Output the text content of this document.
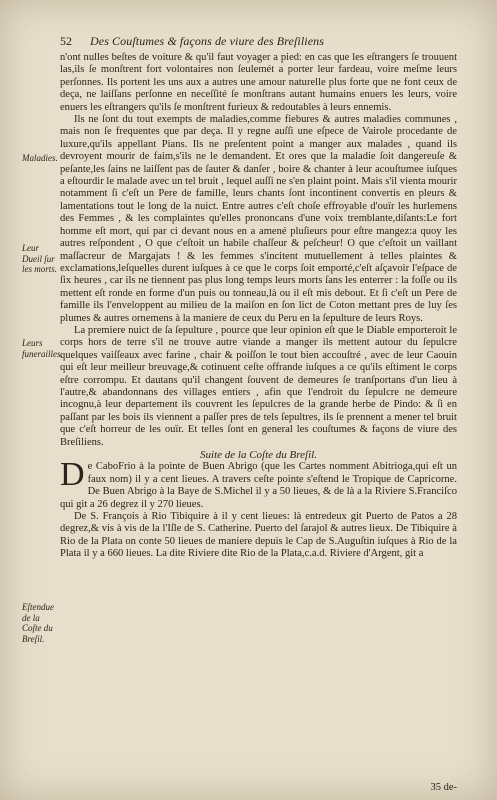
52 Des Couſtumes & façons de viure des Breſiliens
Maladies.
Leur Dueil ſur les morts.
Leurs funerailles.
Eſtendue de la Coſte du Breſil.

n'ont nulles beſtes de voiture & qu'il faut voyager a pied: en cas que les eſtrangers ſe trouuent las,ils ſe monſtrent fort volontaires non ſeulemét a porter leur fardeau, voire meſme leurs perſonnes. Ils portent les uns aux a autres une amour naturelle plus forte que ne font ceux de deça, ne laiſſans perſonne en neceſſité ſe monſtrans autant humains enuers les leurs, voire enuers les eſtrangers qu'ils ſe monſtrent furieux & redoutables à leurs ennemis.

Ils ne ſont du tout exempts de maladies,comme fiebures & autres maladies communes , mais non ſe frequentes que par deça. Il y regne auſſi une eſpece de Vairole procedante de luxure,qu'ils appellant Pians. Ils ne preſentent point a manger aux malades , quand ils devroyent mourir de faim,s'ils ne le demandent. Et ores que la maladie ſoit dangereuſe & peſante,les ſains ne laiſſent pas de ſauter & danſer , boire & chanter à leur acouſtumee iuſques a eſtourdir le malade avec un tel bruit , lequel auſſi ne s'en plaint point. Mais s'il vienta mourir notamment ſi c'eſt un Pere de famille, leurs chants ſont incontinent convertis en pleurs & lamentations tout le long de la nuict. Entre autres c'eſt choſe effroyable d'ouïr les hurlemens des Femmes , & les complaintes qu'elles prononcans d'une voix tremblante,diſants:Le fort homme eſt mort, qui par ci devant nous en a amené pluſieurs pour eſtre mangez:a quoy les autres reſpondent , O que c'eſtoit un habile chaſſeur & peſcheur! O que c'eſtoit un vaillant maſſacreur de Margajats ! & les femmes s'incitent mutuellement à telles plaintes & exclamations,leſquelles durent iuſques à ce que le corps ſoit emporté,c'eſt aſçavoir l'eſpace de ſix heures , car ils ne tiennent pas plus long temps leurs morts ſans les enterrer : la foſſe ou ils mettent eſt ronde en forme d'un puis ou tonneau,là ou il eſt mis debout. Et ſi c'eſt un Pere de famille ils l'enveloppent au milieu de la maiſon en ſon lict de Coton mettant pres de luy ſes plumes & autres ornemens à la maniere de ceux du Peru en la ſepulture de leurs Roys.

La premiere nuict de ſa ſepulture , pource que leur opinion eſt que le Diable emporteroit le corps hors de terre s'il ne trouve autre viande a manger ils mettent autour du ſepulcre quelques vaiſſeaux avec farine , chair & poiſſon le tout bien accouſtré , avec de leur Caouin qui eſt leur meilleur breuvage,& cotinuent ceſte offrande iuſques a ce qu'ils eſtiment le corps eſtre corrompu. Et dautans qu'il changent ſouvent de demeures ſe tranſportans d'un lieu à l'autre,& abandonnans des villages entiers , afin que l'endroit du ſepulcre ne demeure incognu,à leur departement ils couvrent les ſepulcres de la grande herbe de Pindo: & ſi en paſſant par les bois ils viennent a paſſer pres de tels ſepultres, ils ſe prennent a mener tel bruit que c'eſt horreur de les ouïr. Et telles ſont en general les couſtumes & façons de viure des Breſiliens.

Suite de la Coſte du Breſil.

De CaboFrio à la pointe de Buen Abrigo (que les Cartes nomment Abitrioga,qui eſt un faux nom) il y a cent lieues. A travers ceſte pointe s'eſtend le Tropique de Capricorne. De Buen Abrigo à la Baye de S.Michel il y a 50 lieues, & de là a la Riviere S.Franciſco qui git a 26 degrez il y 270 lieues.

De S. François à Rio Tibiquire à il y cent lieues: là entredeux git Puerto de Patos a 28 degrez,& vis à vis de la l'Iſle de S. Catherine. Puerto del ſarajol & autres lieux. De Tibiquire à Rio de la Plata on conte 50 lieues de maniere depuis le Cap de S.Auguſtin iuſques à Rio de la Plata il y a 660 lieues. La dite Riviere dite Rio de la Plata,c.a.d. Riviere d'Argent, git a

35 de-
